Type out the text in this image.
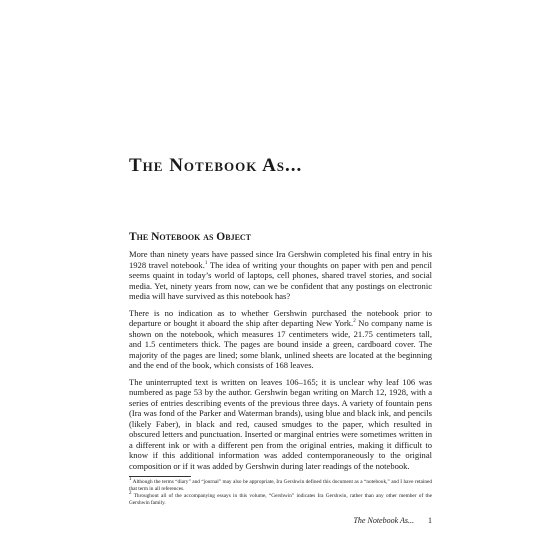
The Notebook As...
The Notebook as Object

More than ninety years have passed since Ira Gershwin completed his final entry in his 1928 travel notebook.$^1$ The idea of writing your thoughts on paper with pen and pencil seems quaint in today’s world of laptops, cell phones, shared travel stories, and social media. Yet, ninety years from now, can we be confident that any postings on electronic media will have survived as this notebook has?

There is no indication as to whether Gershwin purchased the notebook prior to departure or bought it aboard the ship after departing New York.$^2$ No company name is shown on the notebook, which measures 17 centimeters wide, 21.75 centimeters tall, and 1.5 centimeters thick. The pages are bound inside a green, cardboard cover. The majority of the pages are lined; some blank, unlined sheets are located at the beginning and the end of the book, which consists of 168 leaves.

The uninterrupted text is written on leaves 106–165; it is unclear why leaf 106 was numbered as page 53 by the author. Gershwin began writing on March 12, 1928, with a series of entries describing events of the previous three days. A variety of fountain pens (Ira was fond of the Parker and Waterman brands), using blue and black ink, and pencils (likely Faber), in black and red, caused smudges to the paper, which resulted in obscured letters and punctuation. Inserted or marginal entries were sometimes written in a different ink or with a different pen from the original entries, making it difficult to know if this additional information was added contemporaneously to the original composition or if it was added by Gershwin during later readings of the notebook.

$^1$ Although the terms “diary” and “journal” may also be appropriate, Ira Gershwin defined this document as a “notebook,” and I have retained that term in all references.

$^2$ Throughout all of the accompanying essays in this volume, “Gershwin” indicates Ira Gershwin, rather than any other member of the Gershwin family.

The Notebook As... 1
